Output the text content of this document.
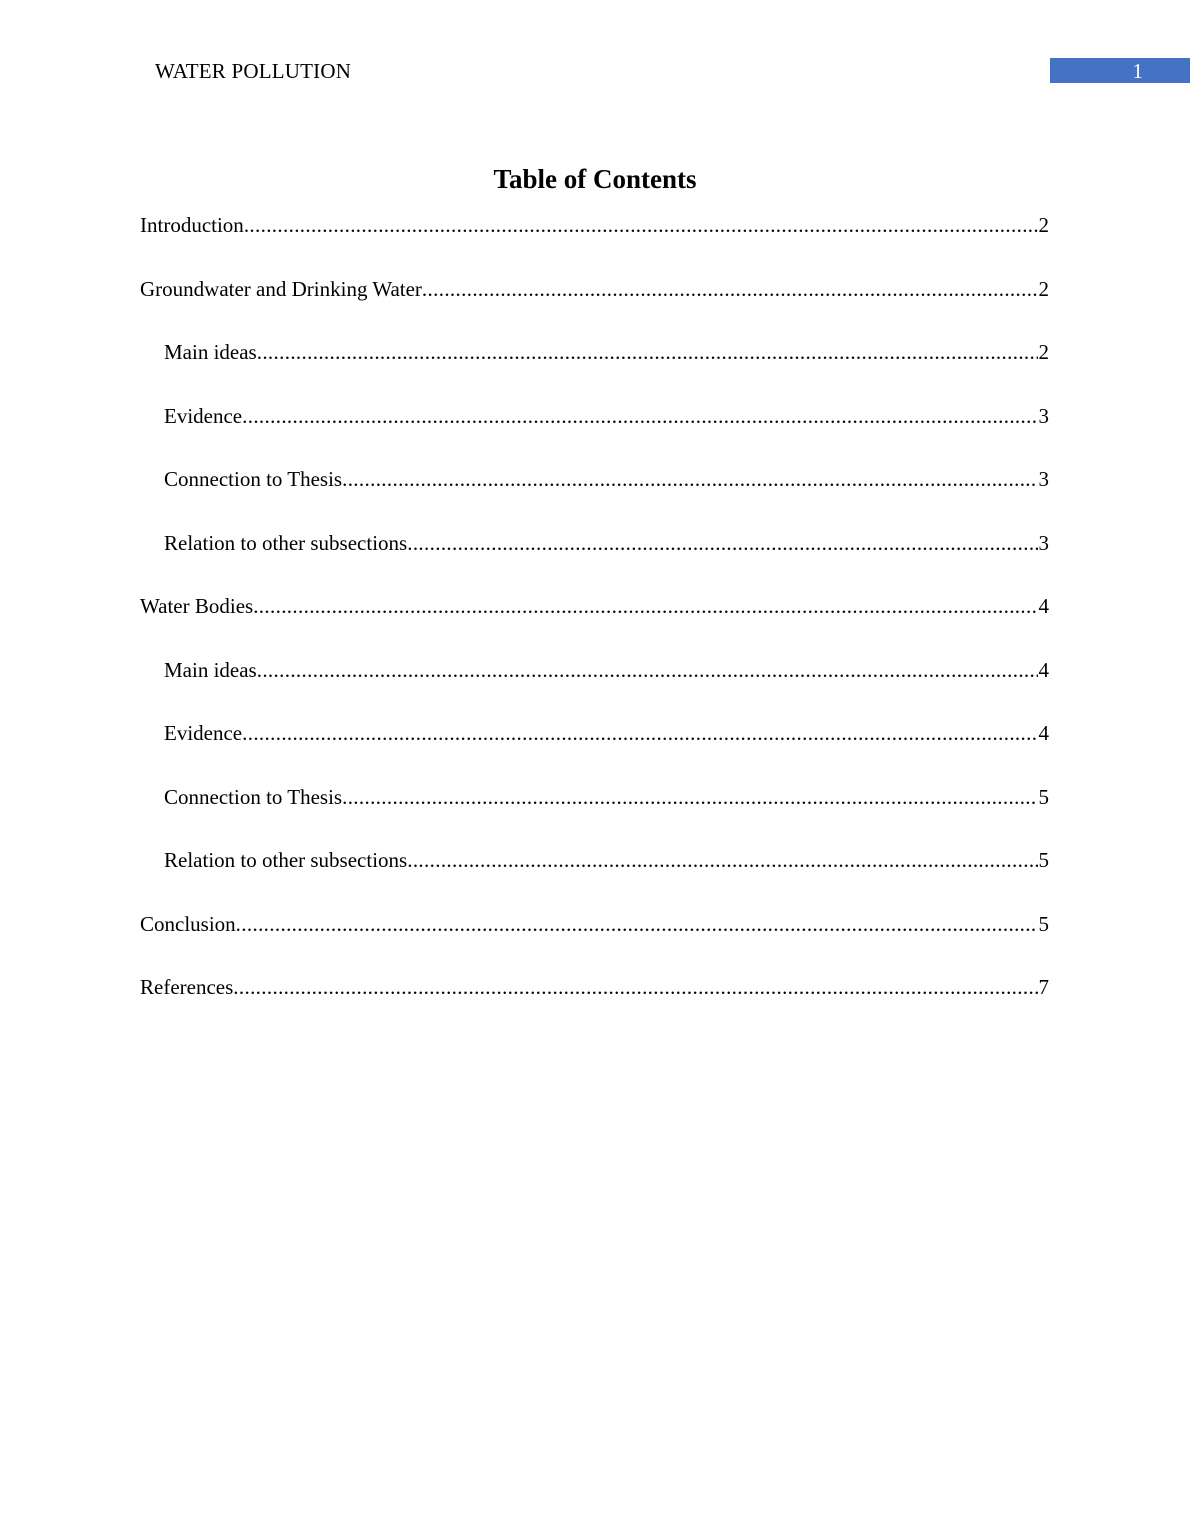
WATER POLLUTION	1
Table of Contents
Introduction .....	2
Groundwater and Drinking Water .....	2
Main ideas .....	2
Evidence .....	3
Connection to Thesis .....	3
Relation to other subsections .....	3
Water Bodies .....	4
Main ideas .....	4
Evidence .....	4
Connection to Thesis .....	5
Relation to other subsections .....	5
Conclusion .....	5
References .....	7
